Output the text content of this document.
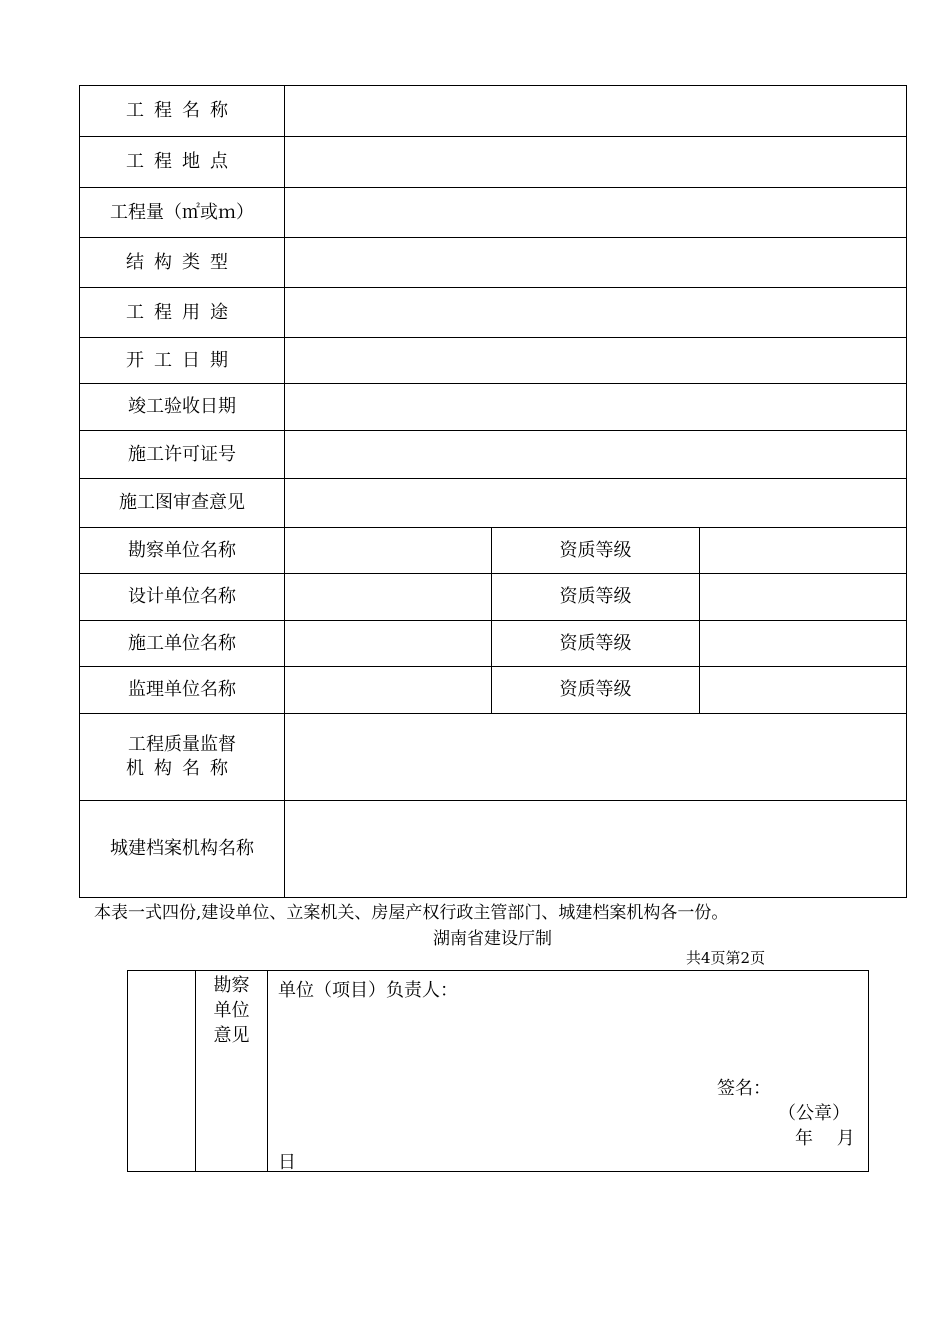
工程名称			
工程地点			
工程量（㎡或ｍ）			
结构类型			
工程用途			
开工日期			
竣工验收日期			
施工许可证号			
施工图审查意见			
勘察单位名称		资质等级	
设计单位名称		资质等级	
施工单位名称		资质等级	
监理单位名称		资质等级	

工程质量监督
机构名称			

城建档案机构名称			
本表一式四份,建设单位、立案机关、房屋产权行政主管部门、城建档案机构各一份。
湖南省建设厅制
共4页第2页

勘察
单位
意见

单位（项目）负责人：
签名：
（公章）
年　 月
日
